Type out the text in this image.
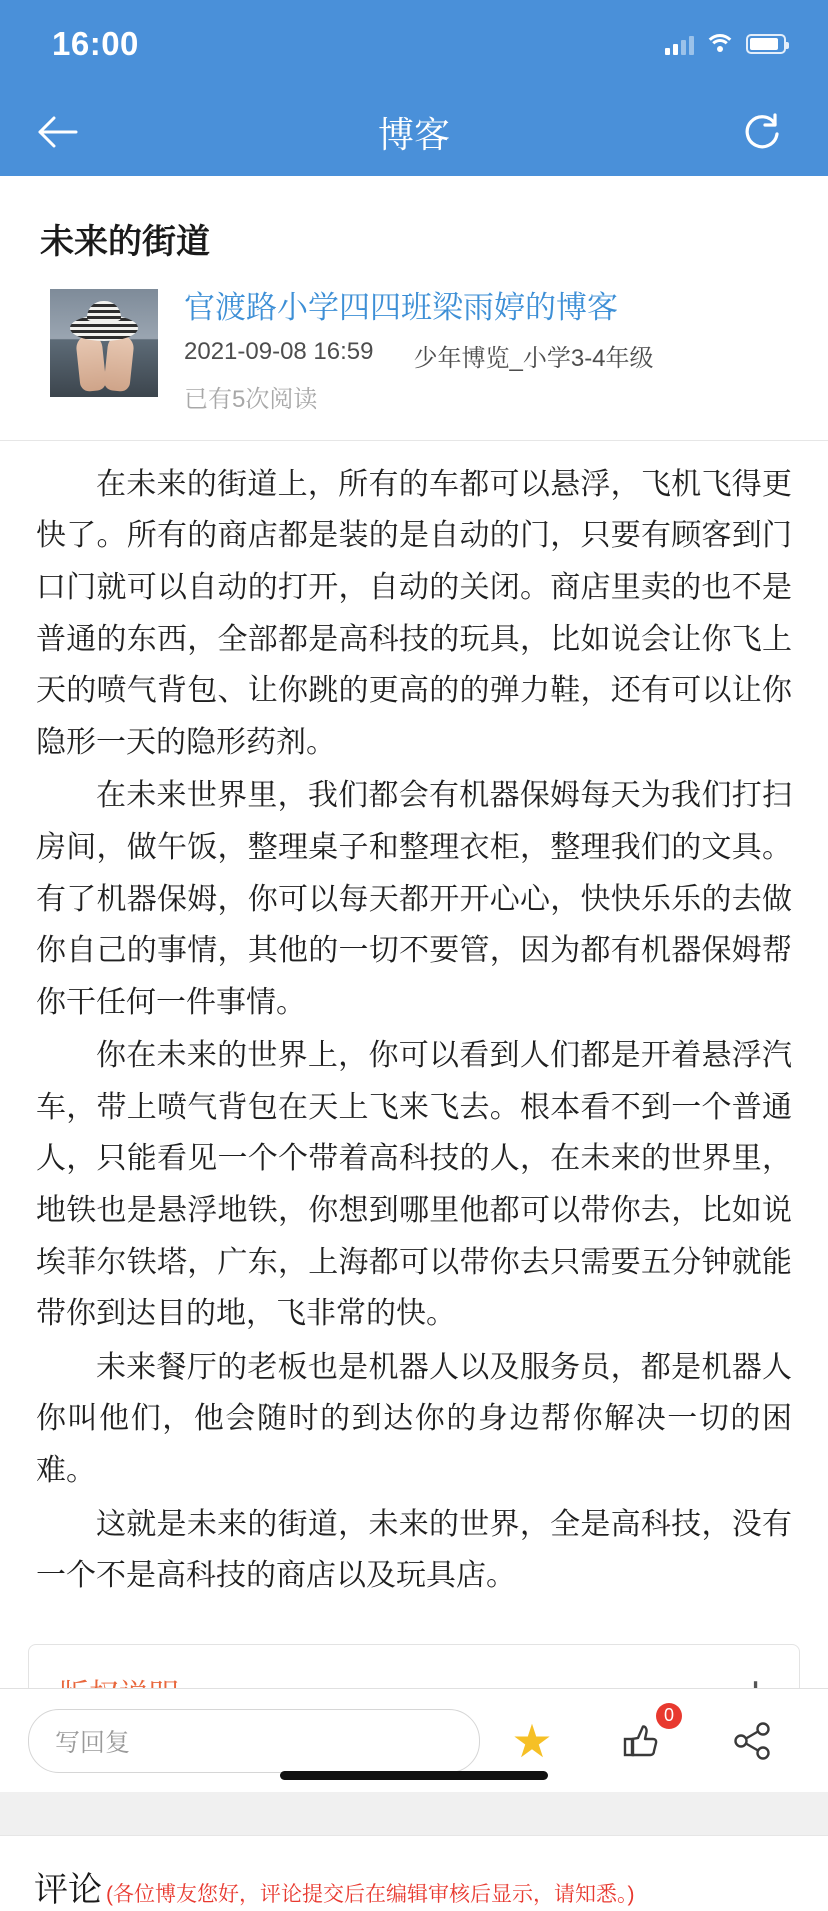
16:00
博客
未来的街道
官渡路小学四四班梁雨婷的博客
2021-09-08 16:59 少年博览_小学3-4年级
已有5次阅读

在未来的街道上，所有的车都可以悬浮，飞机飞得更快了。所有的商店都是装的是自动的门，只要有顾客到门口门就可以自动的打开，自动的关闭。商店里卖的也不是普通的东西，全部都是高科技的玩具，比如说会让你飞上天的喷气背包、让你跳的更高的的弹力鞋，还有可以让你隐形一天的隐形药剂。

在未来世界里，我们都会有机器保姆每天为我们打扫房间，做午饭，整理桌子和整理衣柜，整理我们的文具。有了机器保姆，你可以每天都开开心心，快快乐乐的去做你自己的事情，其他的一切不要管，因为都有机器保姆帮你干任何一件事情。

你在未来的世界上，你可以看到人们都是开着悬浮汽车，带上喷气背包在天上飞来飞去。根本看不到一个普通人，只能看见一个个带着高科技的人，在未来的世界里，地铁也是悬浮地铁，你想到哪里他都可以带你去，比如说埃菲尔铁塔，广东，上海都可以带你去只需要五分钟就能带你到达目的地，飞非常的快。

未来餐厅的老板也是机器人以及服务员，都是机器人你叫他们，他会随时的到达你的身边帮你解决一切的困难。

这就是未来的街道，未来的世界，全是高科技，没有一个不是高科技的商店以及玩具店。

评论 (各位博友您好，评论提交后在编辑审核后显示，请知悉。)
写回复	★	0
